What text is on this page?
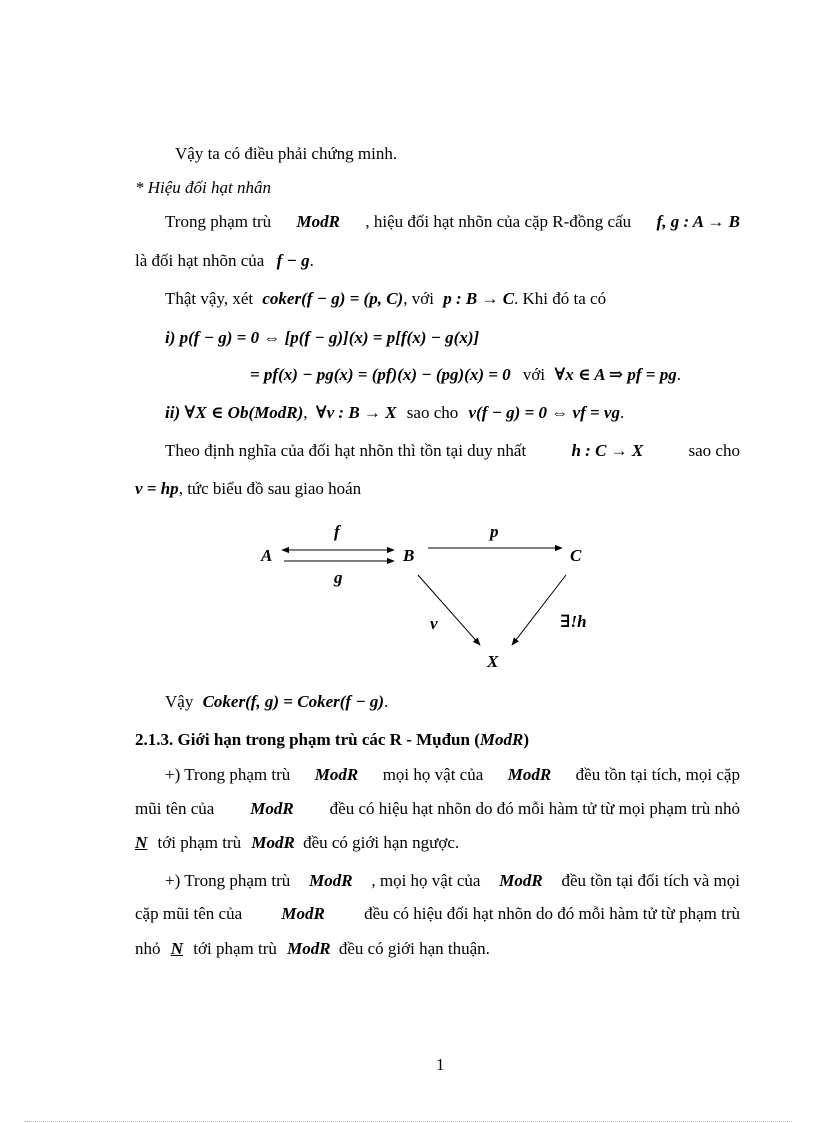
Vậy ta có điều phải chứng minh.
* Hiệu đối hạt nhân
Trong phạm trù ModR , hiệu đối hạt nhõn của cặp R-đồng cấu f, g : A → B
là đối hạt nhõn của f − g.
Thật vậy, xét coker(f − g) = (p, C), với p : B → C. Khi đó ta có
i) p(f − g) = 0 ⇔ [p(f − g)](x) = p[f(x) − g(x)]
= pf(x) − pg(x) = (pf)(x) − (pg)(x) = 0 với ∀x ∈ A ⇒ pf = pg.
ii) ∀X ∈ Ob(ModR), ∀v : B → X sao cho v(f − g) = 0 ⇔ vf = vg.
Theo định nghĩa của đối hạt nhõn thì tồn tại duy nhất	h : C → X	sao cho
v = hp, tức biểu đồ sau giao hoán
A	B	C
X
f
g
p
v	∃!h
Vậy Coker(f, g) = Coker(f − g).
2.1.3. Giới hạn trong phạm trù các R - Mụđun (ModR)
+) Trong phạm trù ModR mọi họ vật của ModR đều tồn tại tích, mọi cặp
mũi tên của ModR đều có hiệu hạt nhõn do đó mỗi hàm tử từ mọi phạm trù nhỏ
N tới phạm trù ModR đều có giới hạn ngược.
+) Trong phạm trù ModR , mọi họ vật của ModR đều tồn tại đối tích và mọi
cặp mũi tên của ModR đều có hiệu đối hạt nhõn do đó mỗi hàm tử từ phạm trù
nhỏ N tới phạm trù ModR đều có giới hạn thuận.
1
